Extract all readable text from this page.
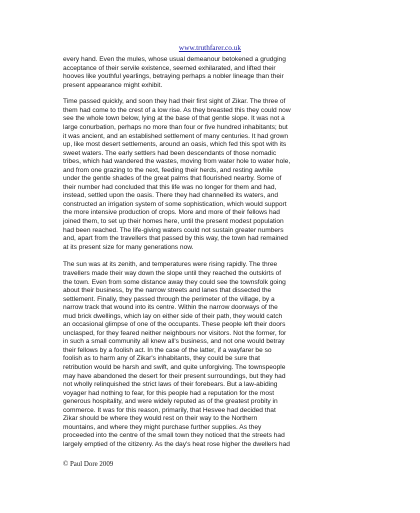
www.truthfarer.co.uk
every hand. Even the mules, whose usual demeanour betokened a grudging
acceptance of their servile existence, seemed exhilarated, and lifted their
hooves like youthful yearlings, betraying perhaps a nobler lineage than their
present appearance might exhibit.
Time passed quickly, and soon they had their first sight of Zikar. The three of
them had come to the crest of a low rise. As they breasted this they could now
see the whole town below, lying at the base of that gentle slope. It was not a
large conurbation, perhaps no more than four or five hundred inhabitants; but
it was ancient, and an established settlement of many centuries. It had grown
up, like most desert settlements, around an oasis, which fed this spot with its
sweet waters. The early settlers had been descendants of those nomadic
tribes, which had wandered the wastes, moving from water hole to water hole,
and from one grazing to the next, feeding their herds, and resting awhile
under the gentle shades of the great palms that flourished nearby. Some of
their number had concluded that this life was no longer for them and had,
instead, settled upon the oasis. There they had channelled its waters, and
constructed an irrigation system of some sophistication, which would support
the more intensive production of crops. More and more of their fellows had
joined them, to set up their homes here, until the present modest population
had been reached. The life-giving waters could not sustain greater numbers
and, apart from the travellers that passed by this way, the town had remained
at its present size for many generations now.
The sun was at its zenith, and temperatures were rising rapidly. The three
travellers made their way down the slope until they reached the outskirts of
the town. Even from some distance away they could see the townsfolk going
about their business, by the narrow streets and lanes that dissected the
settlement. Finally, they passed through the perimeter of the village, by a
narrow track that wound into its centre. Within the narrow doorways of the
mud brick dwellings, which lay on either side of their path, they would catch
an occasional glimpse of one of the occupants. These people left their doors
unclasped, for they feared neither neighbours nor visitors. Not the former, for
in such a small community all knew all's business, and not one would betray
their fellows by a foolish act. In the case of the latter, if a wayfarer be so
foolish as to harm any of Zikar's inhabitants, they could be sure that
retribution would be harsh and swift, and quite unforgiving. The townspeople
may have abandoned the desert for their present surroundings, but they had
not wholly relinquished the strict laws of their forebears. But a law-abiding
voyager had nothing to fear, for this people had a reputation for the most
generous hospitality, and were widely reputed as of the greatest probity in
commerce. It was for this reason, primarily, that Hesvee had decided that
Zikar should be where they would rest on their way to the Northern
mountains, and where they might purchase further supplies. As they
proceeded into the centre of the small town they noticed that the streets had
largely emptied of the citizenry. As the day's heat rose higher the dwellers had
© Paul Dore 2009
